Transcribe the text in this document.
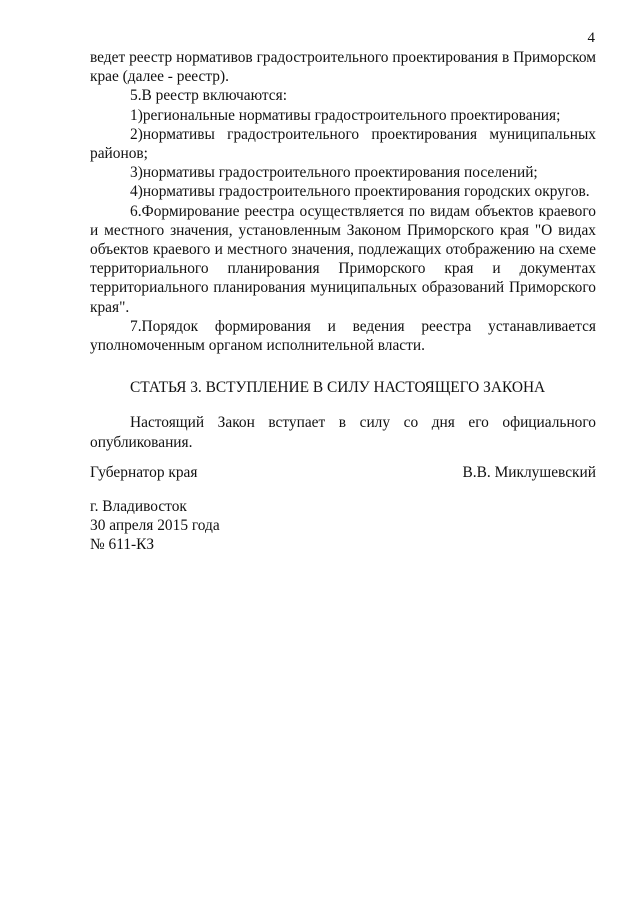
4

ведет реестр нормативов градостроительного проектирования в Приморском крае (далее - реестр).

5.В реестр включаются:

1)региональные нормативы градостроительного проектирования;

2)нормативы градостроительного проектирования муниципальных районов;

3)нормативы градостроительного проектирования поселений;

4)нормативы градостроительного проектирования городских округов.

6.Формирование реестра осуществляется по видам объектов краевого и местного значения, установленным Законом Приморского края "О видах объектов краевого и местного значения, подлежащих отображению на схеме территориального планирования Приморского края и документах территориального планирования муниципальных образований Приморского края".

7.Порядок формирования и ведения реестра устанавливается уполномоченным органом исполнительной власти.

СТАТЬЯ 3. ВСТУПЛЕНИЕ В СИЛУ НАСТОЯЩЕГО ЗАКОНА

Настоящий Закон вступает в силу со дня его официального опубликования.

Губернатор края	В.В. Миклушевский
г. Владивосток
30 апреля 2015 года
№ 611-КЗ
